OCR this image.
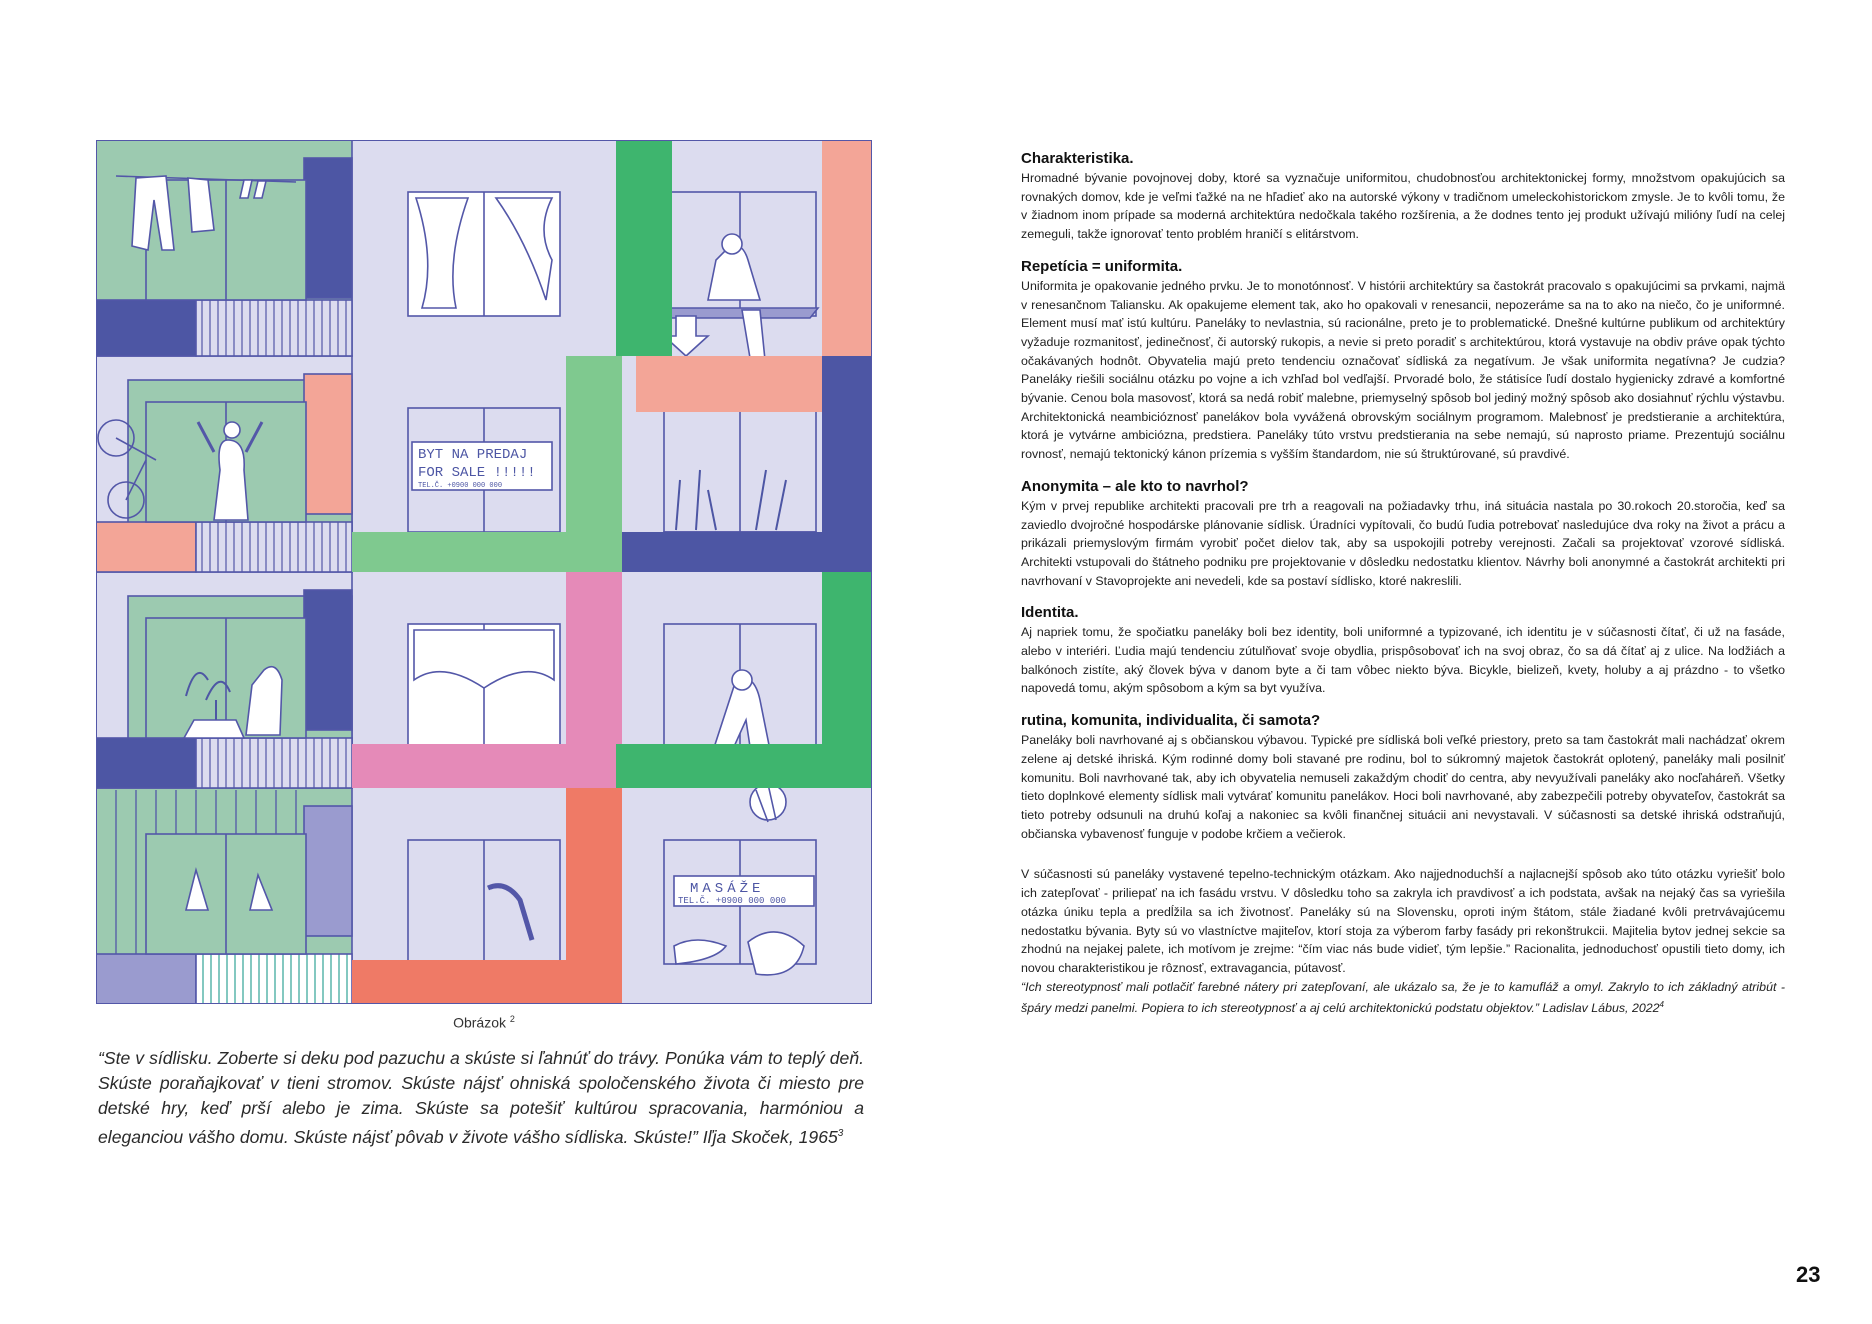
BYT NA PREDAJ
FOR SALE !!!!!
TEL.Č. +0900 000 000
MASÁŽE
TEL.Č. +0900 000 000
Obrázok $^2$
“Ste v sídlisku. Zoberte si deku pod pazuchu a skúste si ľahnúť do trávy. Ponúka vám to teplý deň. Skúste poraňajkovať v tieni stromov. Skúste nájsť ohniská spoločenského života či miesto pre detské hry, keď prší alebo je zima. Skúste sa potešiť kultúrou spracovania, harmóniou a eleganciou vášho domu. Skúste nájsť pôvab v živote vášho sídliska. Skúste!” Iľja Skoček, 1965$^3$
Charakteristika.

Hromadné bývanie povojnovej doby, ktoré sa vyznačuje uniformitou, chudobnosťou architektonickej formy, množstvom opakujúcich sa rovnakých domov, kde je veľmi ťažké na ne hľadieť ako na autorské výkony v tradičnom umeleckohistorickom zmysle. Je to kvôli tomu, že v žiadnom inom prípade sa moderná architektúra nedočkala takého rozšírenia, a že dodnes tento jej produkt užívajú milióny ľudí na celej zemeguli, takže ignorovať tento problém hraničí s elitárstvom.

Repetícia = uniformita.

Uniformita je opakovanie jedného prvku. Je to monotónnosť. V histórii architektúry sa častokrát pracovalo s opakujúcimi sa prvkami, najmä v renesančnom Taliansku. Ak opakujeme element tak, ako ho opakovali v renesancii, nepozeráme sa na to ako na niečo, čo je uniformné. Element musí mať istú kultúru. Paneláky to nevlastnia, sú racionálne, preto je to problematické. Dnešné kultúrne publikum od architektúry vyžaduje rozmanitosť, jedinečnosť, či autorský rukopis, a nevie si preto poradiť s architektúrou, ktorá vystavuje na obdiv práve opak týchto očakávaných hodnôt. Obyvatelia majú preto tendenciu označovať sídliská za negatívum. Je však uniformita negatívna? Je cudzia? Paneláky riešili sociálnu otázku po vojne a ich vzhľad bol vedľajší. Prvoradé bolo, že státisíce ľudí dostalo hygienicky zdravé a komfortné bývanie. Cenou bola masovosť, ktorá sa nedá robiť malebne, priemyselný spôsob bol jediný možný spôsob ako dosiahnuť rýchlu výstavbu. Architektonická neambicióznosť panelákov bola vyvážená obrovským sociálnym programom. Malebnosť je predstieranie a architektúra, ktorá je vytvárne ambiciózna, predstiera. Paneláky túto vrstvu predstierania na sebe nemajú, sú naprosto priame. Prezentujú sociálnu rovnosť, nemajú tektonický kánon prízemia s vyšším štandardom, nie sú štruktúrované, sú pravdivé.

Anonymita – ale kto to navrhol?

Kým v prvej republike architekti pracovali pre trh a reagovali na požiadavky trhu, iná situácia nastala po 30.rokoch 20.storočia, keď sa zaviedlo dvojročné hospodárske plánovanie sídlisk. Úradníci vypítovali, čo budú ľudia potrebovať nasledujúce dva roky na život a prácu a prikázali priemyslovým firmám vyrobiť počet dielov tak, aby sa uspokojili potreby verejnosti. Začali sa projektovať vzorové sídliská. Architekti vstupovali do štátneho podniku pre projektovanie v dôsledku nedostatku klientov. Návrhy boli anonymné a častokrát architekti pri navrhovaní v Stavoprojekte ani nevedeli, kde sa postaví sídlisko, ktoré nakreslili.

Identita.

Aj napriek tomu, že spočiatku paneláky boli bez identity, boli uniformné a typizované, ich identitu je v súčasnosti čítať, či už na fasáde, alebo v interiéri. Ľudia majú tendenciu zútulňovať svoje obydlia, prispôsobovať ich na svoj obraz, čo sa dá čítať aj z ulice. Na lodžiách a balkónoch zistíte, aký človek býva v danom byte a či tam vôbec niekto býva. Bicykle, bielizeň, kvety, holuby a aj prázdno - to všetko napovedá tomu, akým spôsobom a kým sa byt využíva.

rutina, komunita, individualita, či samota?

Paneláky boli navrhované aj s občianskou výbavou. Typické pre sídliská boli veľké priestory, preto sa tam častokrát mali nachádzať okrem zelene aj detské ihriská. Kým rodinné domy boli stavané pre rodinu, bol to súkromný majetok častokrát oplotený, paneláky mali posilniť komunitu. Boli navrhované tak, aby ich obyvatelia nemuseli zakaždým chodiť do centra, aby nevyužívali paneláky ako nocľaháreň. Všetky tieto doplnkové elementy sídlisk mali vytvárať komunitu panelákov. Hoci boli navrhované, aby zabezpečili potreby obyvateľov, častokrát sa tieto potreby odsunuli na druhú koľaj a nakoniec sa kvôli finančnej situácii ani nevystavali. V súčasnosti sa detské ihriská odstraňujú, občianska vybavenosť funguje v podobe krčiem a večierok.

V súčasnosti sú paneláky vystavené tepelno-technickým otázkam. Ako najjednoduchší a najlacnejší spôsob ako túto otázku vyriešiť bolo ich zatepľovať - priliepať na ich fasádu vrstvu. V dôsledku toho sa zakryla ich pravdivosť a ich podstata, avšak na nejaký čas sa vyriešila otázka úniku tepla a predĺžila sa ich životnosť. Paneláky sú na Slovensku, oproti iným štátom, stále žiadané kvôli pretrvávajúcemu nedostatku bývania. Byty sú vo vlastníctve majiteľov, ktorí stoja za výberom farby fasády pri rekonštrukcii. Majitelia bytov jednej sekcie sa zhodnú na nejakej palete, ich motívom je zrejme: “čím viac nás bude vidieť, tým lepšie.” Racionalita, jednoduchosť opustili tieto domy, ich novou charakteristikou je rôznosť, extravagancia, pútavosť.

“Ich stereotypnosť mali potlačiť farebné nátery pri zatepľovaní, ale ukázalo sa, že je to kamufláž a omyl. Zakrylo to ich základný atribút - špáry medzi panelmi. Popiera to ich stereotypnosť a aj celú architektonickú podstatu objektov.” Ladislav Lábus, 2022$^4$

23
